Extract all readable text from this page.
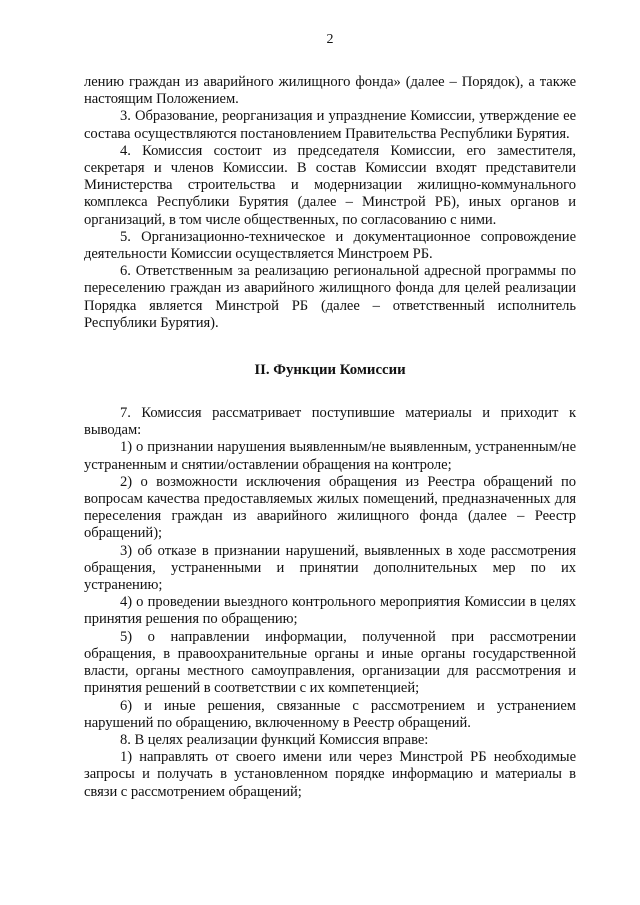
2

лению граждан из аварийного жилищного фонда» (далее – Порядок), а также настоящим Положением.

3. Образование, реорганизация и упразднение Комиссии, утверждение ее состава осуществляются постановлением Правительства Республики Бурятия.

4. Комиссия состоит из председателя Комиссии, его заместителя, секретаря и членов Комиссии. В состав Комиссии входят представители Министерства строительства и модернизации жилищно-коммунального комплекса Республики Бурятия (далее – Минстрой РБ), иных органов и организаций, в том числе общественных, по согласованию с ними.

5. Организационно-техническое и документационное сопровождение деятельности Комиссии осуществляется Минстроем РБ.

6. Ответственным за реализацию региональной адресной программы по переселению граждан из аварийного жилищного фонда для целей реализации Порядка является Минстрой РБ (далее – ответственный исполнитель Республики Бурятия).

II. Функции Комиссии

7. Комиссия рассматривает поступившие материалы и приходит к выводам:

1) о признании нарушения выявленным/не выявленным, устраненным/не устраненным и снятии/оставлении обращения на контроле;

2) о возможности исключения обращения из Реестра обращений по вопросам качества предоставляемых жилых помещений, предназначенных для переселения граждан из аварийного жилищного фонда (далее – Реестр обращений);

3) об отказе в признании нарушений, выявленных в ходе рассмотрения обращения, устраненными и принятии дополнительных мер по их устранению;

4) о проведении выездного контрольного мероприятия Комиссии в целях принятия решения по обращению;

5) о направлении информации, полученной при рассмотрении обращения, в правоохранительные органы и иные органы государственной власти, органы местного самоуправления, организации для рассмотрения и принятия решений в соответствии с их компетенцией;

6) и иные решения, связанные с рассмотрением и устранением нарушений по обращению, включенному в Реестр обращений.

8. В целях реализации функций Комиссия вправе:

1) направлять от своего имени или через Минстрой РБ необходимые запросы и получать в установленном порядке информацию и материалы в связи с рассмотрением обращений;
